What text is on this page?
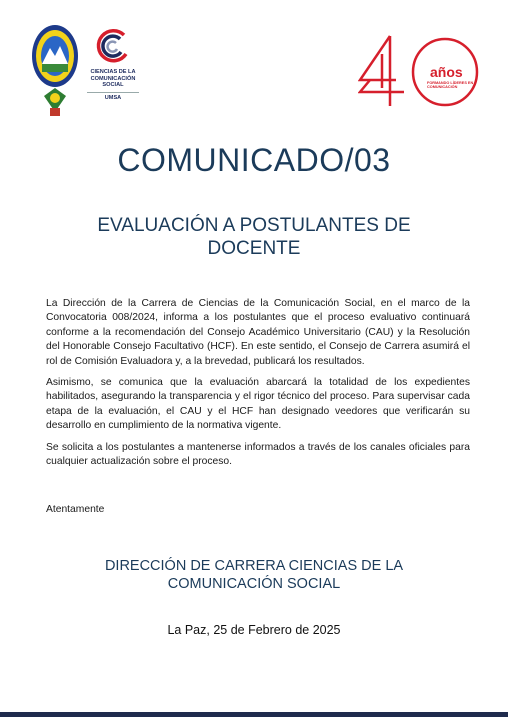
CIENCIAS DE LA COMUNICACIÓN SOCIAL
UMSA
años
FORMANDO LÍDERES EN COMUNICACIÓN
COMUNICADO/03
EVALUACIÓN A POSTULANTES DE DOCENTE

La Dirección de la Carrera de Ciencias de la Comunicación Social, en el marco de la Convocatoria 008/2024, informa a los postulantes que el proceso evaluativo continuará conforme a la recomendación del Consejo Académico Universitario (CAU) y la Resolución del Honorable Consejo Facultativo (HCF). En este sentido, el Consejo de Carrera asumirá el rol de Comisión Evaluadora y, a la brevedad, publicará los resultados.

Asimismo, se comunica que la evaluación abarcará la totalidad de los expedientes habilitados, asegurando la transparencia y el rigor técnico del proceso. Para supervisar cada etapa de la evaluación, el CAU y el HCF han designado veedores que verificarán su desarrollo en cumplimiento de la normativa vigente.

Se solicita a los postulantes a mantenerse informados a través de los canales oficiales para cualquier actualización sobre el proceso.

Atentamente
DIRECCIÓN DE CARRERA CIENCIAS DE LA
COMUNICACIÓN SOCIAL
La Paz, 25 de Febrero de 2025
